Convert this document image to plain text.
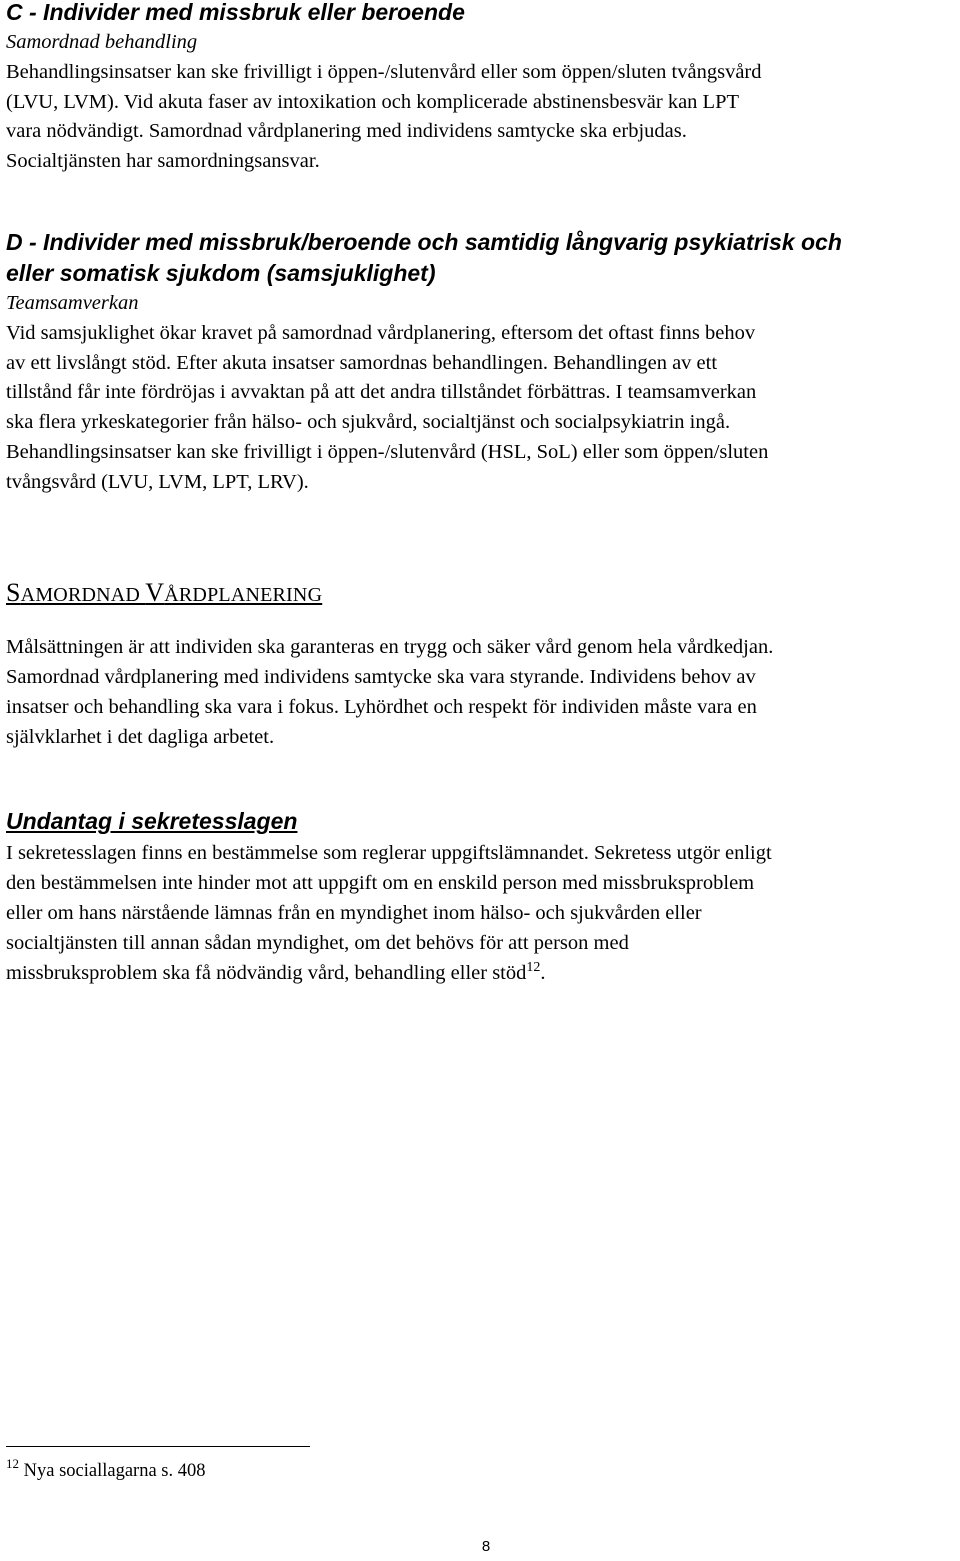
C - Individer med missbruk eller beroende

Samordnad behandling

Behandlingsinsatser kan ske frivilligt i öppen-/slutenvård eller som öppen/sluten tvångsvård
(LVU, LVM). Vid akuta faser av intoxikation och komplicerade abstinensbesvär kan LPT
vara nödvändigt. Samordnad vårdplanering med individens samtycke ska erbjudas.
Socialtjänsten har samordningsansvar.

D - Individer med missbruk/beroende och samtidig långvarig psykiatrisk och
eller somatisk sjukdom (samsjuklighet)

Teamsamverkan

Vid samsjuklighet ökar kravet på samordnad vårdplanering, eftersom det oftast finns behov
av ett livslångt stöd. Efter akuta insatser samordnas behandlingen. Behandlingen av ett
tillstånd får inte fördröjas i avvaktan på att det andra tillståndet förbättras. I teamsamverkan
ska flera yrkeskategorier från hälso- och sjukvård, socialtjänst och socialpsykiatrin ingå.
Behandlingsinsatser kan ske frivilligt i öppen-/slutenvård (HSL, SoL) eller som öppen/sluten
tvångsvård (LVU, LVM, LPT, LRV).

SAMORDNAD VÅRDPLANERING

Målsättningen är att individen ska garanteras en trygg och säker vård genom hela vårdkedjan.
Samordnad vårdplanering med individens samtycke ska vara styrande. Individens behov av
insatser och behandling ska vara i fokus. Lyhördhet och respekt för individen måste vara en
självklarhet i det dagliga arbetet.

Undantag i sekretesslagen

I sekretesslagen finns en bestämmelse som reglerar uppgiftslämnandet. Sekretess utgör enligt
den bestämmelsen inte hinder mot att uppgift om en enskild person med missbruksproblem
eller om hans närstående lämnas från en myndighet inom hälso- och sjukvården eller
socialtjänsten till annan sådan myndighet, om det behövs för att person med
missbruksproblem ska få nödvändig vård, behandling eller stöd$^{12}$.

$^{12}$ Nya sociallagarna s. 408
8
